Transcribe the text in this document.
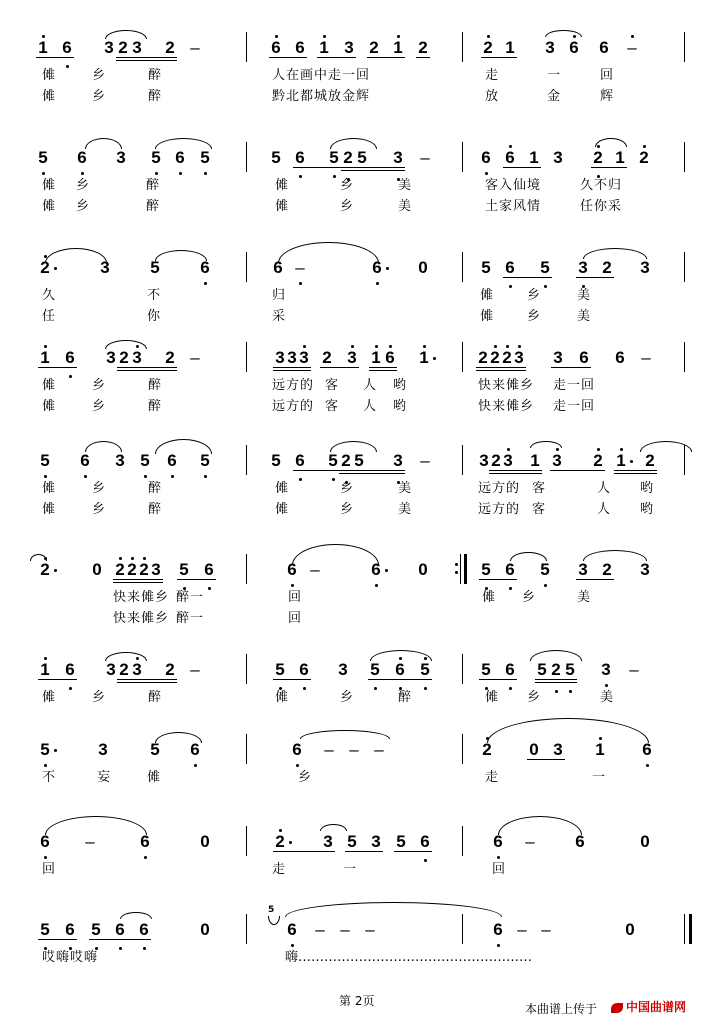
1 6 3 2 3 2 –	6 6 1 3 2 1 2	2 1 3 6 6 –
傩	乡	醉	人在画中走一回	走	一	回
傩	乡	醉	黔北都城放金辉	放	金	辉
5 6 3 5 6 5	5 6 5 2 5 3 –	6 6 1 3 2 1 2
傩 乡	醉	傩	乡	美	客入仙境	久不归
傩 乡	醉	傩	乡	美	土家风情	任你采
2	3 5 6	6 –	6 0	5 6 5 3 2 3
久	不	归	傩	乡	美
任	你	采	傩	乡	美
1 6 3 2 3 2 –	3 3 3 2 3 1 6 1	2 2 2 3 3 6 6 –
傩	乡	醉	远方的 客 人 哟	快来傩乡 走一回
傩	乡	醉	远方的 客 人 哟	快来傩乡 走一回
5 6 3 5 6 5	5 6 5 2 5 3 –	3 2 3 1 3 2 1 2
傩	乡	醉	傩	乡	美	远方的 客	人 哟
傩	乡	醉	傩	乡	美	远方的 客	人 哟
2	0 2 2 2 3 5 6	6 –	6 0	5 6 5 3 2 3
快来傩乡 醉一	回	傩 乡	美
快来傩乡 醉一	回
1 6 3 2 3 2 –	5 6 3 5 6 5	5 6 5 2 5 3 –
傩	乡	醉	傩	乡	醉	傩 乡	美
5	3	5 6	6 – – –	2 0 3 1 6
不	妄	傩	乡	走	一
6 –	6	0	2 3 5 3 5 6	6 – 6	0
回	走	一	回
5 6 5 6 6	0	6 – – –	6 – –	0
哎嗨哎嗨	嗨………………………………………………
5
第 2页
本曲谱上传于	中国曲谱网
